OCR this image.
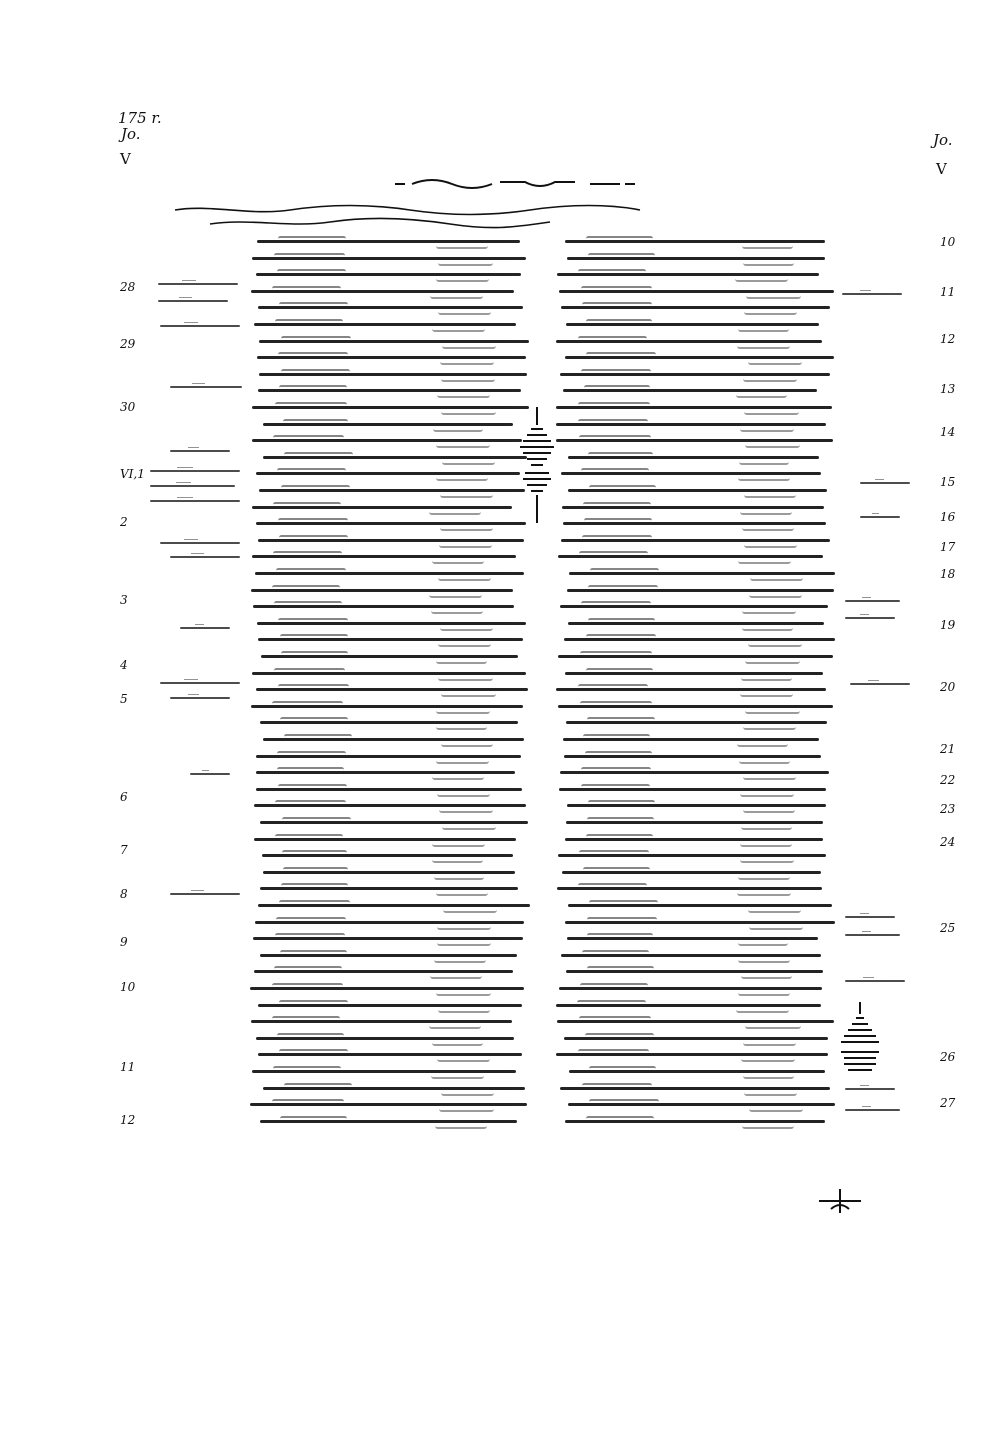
175 r.
Jo.
V
Jo.
V
28
29
30
VI,1
2
3
4
5
6
7
8
9
10
11
12
10
11
12
13
14
15
16
17
18
19
20
21
22
23
24
25
26
27
